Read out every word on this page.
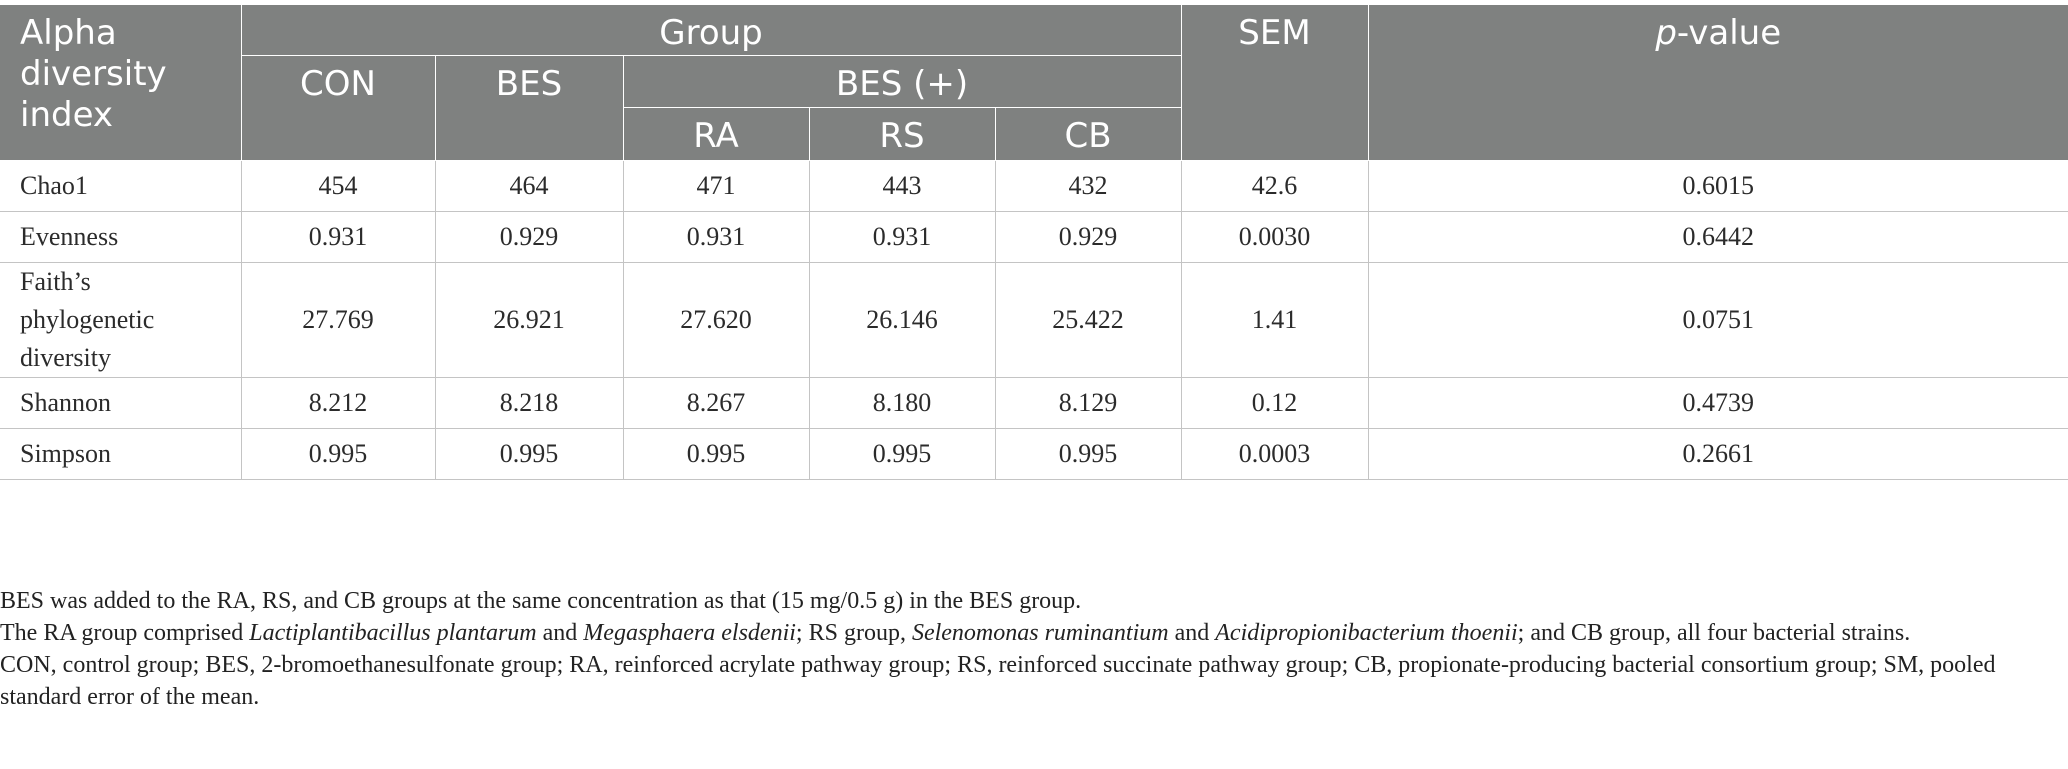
Alpha diversity index	Group					SEM	p-value
	CON	BES	BES (+)				
			RA	RS	CB		
Chao1	454	464	471	443	432	42.6	0.6015
Evenness	0.931	0.929	0.931	0.931	0.929	0.0030	0.6442
Faith’s phylogenetic diversity	27.769	26.921	27.620	26.146	25.422	1.41	0.0751
Shannon	8.212	8.218	8.267	8.180	8.129	0.12	0.4739
Simpson	0.995	0.995	0.995	0.995	0.995	0.0003	0.2661

BES was added to the RA, RS, and CB groups at the same concentration as that (15 mg/0.5 g) in the BES group.

The RA group comprised Lactiplantibacillus plantarum and Megasphaera elsdenii; RS group, Selenomonas ruminantium and Acidipropionibacterium thoenii; and CB group, all four bacterial strains.

CON, control group; BES, 2-bromoethanesulfonate group; RA, reinforced acrylate pathway group; RS, reinforced succinate pathway group; CB, propionate-producing bacterial consortium group; SM, pooled standard error of the mean.
